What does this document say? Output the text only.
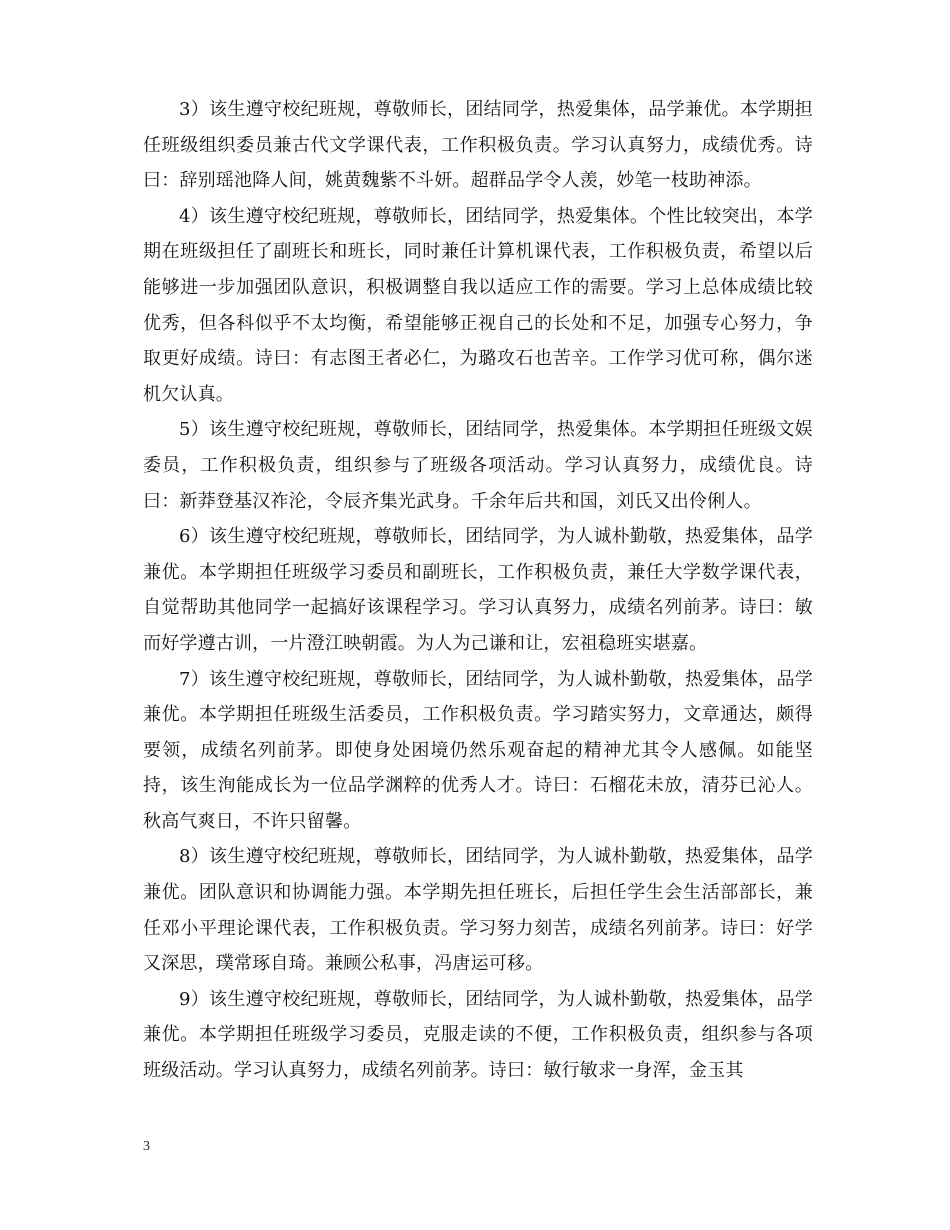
3）该生遵守校纪班规，尊敬师长，团结同学，热爱集体，品学兼优。本学期担任班级组织委员兼古代文学课代表，工作积极负责。学习认真努力，成绩优秀。诗曰：辞别瑶池降人间，姚黄魏紫不斗妍。超群品学令人羡，妙笔一枝助神添。

4）该生遵守校纪班规，尊敬师长，团结同学，热爱集体。个性比较突出，本学期在班级担任了副班长和班长，同时兼任计算机课代表，工作积极负责，希望以后能够进一步加强团队意识，积极调整自我以适应工作的需要。学习上总体成绩比较优秀，但各科似乎不太均衡，希望能够正视自己的长处和不足，加强专心努力，争取更好成绩。诗曰：有志图王者必仁，为璐攻石也苦辛。工作学习优可称，偶尔迷机欠认真。

5）该生遵守校纪班规，尊敬师长，团结同学，热爱集体。本学期担任班级文娱委员，工作积极负责，组织参与了班级各项活动。学习认真努力，成绩优良。诗曰：新莽登基汉祚沦，令辰齐集光武身。千余年后共和国，刘氏又出伶俐人。

6）该生遵守校纪班规，尊敬师长，团结同学，为人诚朴勤敬，热爱集体，品学兼优。本学期担任班级学习委员和副班长，工作积极负责，兼任大学数学课代表，自觉帮助其他同学一起搞好该课程学习。学习认真努力，成绩名列前茅。诗曰：敏而好学遵古训，一片澄江映朝霞。为人为己谦和让，宏祖稳班实堪嘉。

7）该生遵守校纪班规，尊敬师长，团结同学，为人诚朴勤敬，热爱集体，品学兼优。本学期担任班级生活委员，工作积极负责。学习踏实努力，文章通达，颇得要领，成绩名列前茅。即使身处困境仍然乐观奋起的精神尤其令人感佩。如能坚持，该生洵能成长为一位品学渊粹的优秀人才。诗曰：石榴花未放，清芬已沁人。秋高气爽日，不许只留馨。

8）该生遵守校纪班规，尊敬师长，团结同学，为人诚朴勤敬，热爱集体，品学兼优。团队意识和协调能力强。本学期先担任班长，后担任学生会生活部部长，兼任邓小平理论课代表，工作积极负责。学习努力刻苦，成绩名列前茅。诗曰：好学又深思，璞常琢自琦。兼顾公私事，冯唐运可移。

9）该生遵守校纪班规，尊敬师长，团结同学，为人诚朴勤敬，热爱集体，品学兼优。本学期担任班级学习委员，克服走读的不便，工作积极负责，组织参与各项班级活动。学习认真努力，成绩名列前茅。诗曰：敏行敏求一身浑，金玉其

3
